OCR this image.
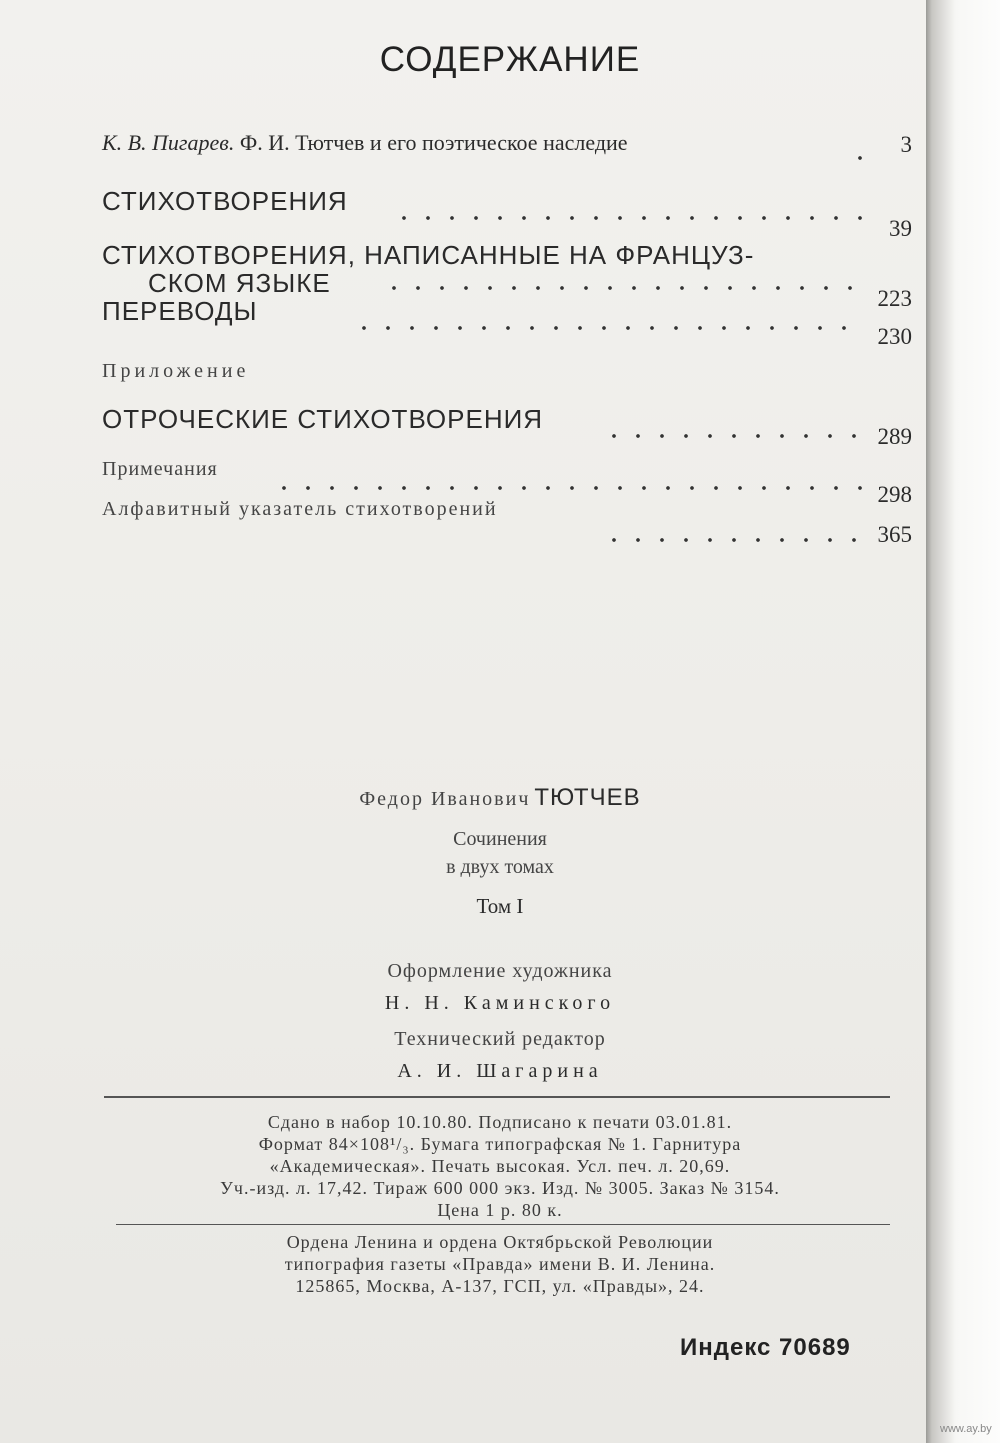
СОДЕРЖАНИЕ
К. В. Пигарев. Ф. И. Тютчев и его поэтическое наследие	3
СТИХОТВОРЕНИЯ
39
СТИХОТВОРЕНИЯ, НАПИСАННЫЕ НА ФРАНЦУЗ-
СКОМ ЯЗЫКЕ
223
ПЕРЕВОДЫ
230
Приложение
ОТРОЧЕСКИЕ СТИХОТВОРЕНИЯ
289
Примечания
298
Алфавитный указатель стихотворений
365
Федор Иванович ТЮТЧЕВ
Сочинения
в двух томах
Том I
Оформление художника
Н. Н. Каминского
Технический редактор
А. И. Шагарина
Сдано в набор 10.10.80. Подписано к печати 03.01.81.
Формат 84×108¹/₃. Бумага типографская № 1. Гарнитура
«Академическая». Печать высокая. Усл. печ. л. 20,69.
Уч.-изд. л. 17,42. Тираж 600 000 экз. Изд. № 3005. Заказ № 3154.
Цена 1 р. 80 к.
Ордена Ленина и ордена Октябрьской Революции
типография газеты «Правда» имени В. И. Ленина.
125865, Москва, А-137, ГСП, ул. «Правды», 24.
Индекс 70689
www.ay.by
